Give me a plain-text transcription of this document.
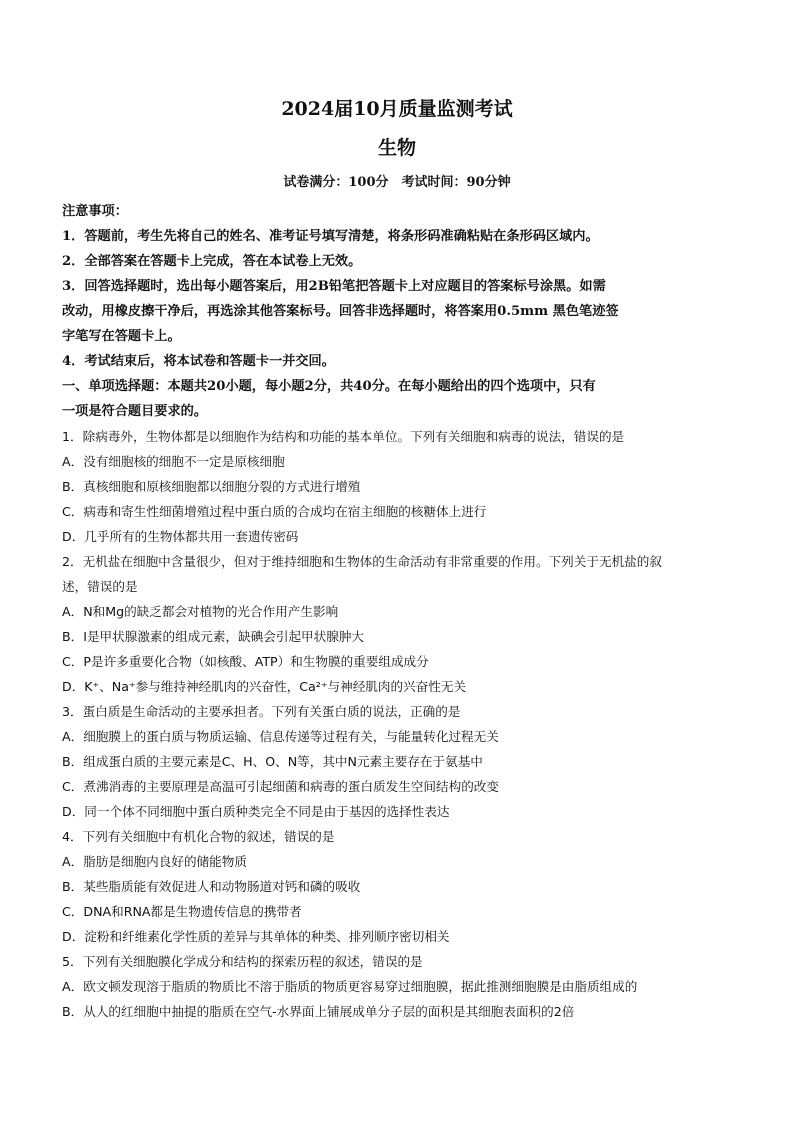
2024届10月质量监测考试
生物
试卷满分：100分　考试时间：90分钟
注意事项：
1．答题前，考生先将自己的姓名、准考证号填写清楚，将条形码准确粘贴在条形码区域内。
2．全部答案在答题卡上完成，答在本试卷上无效。
3．回答选择题时，选出每小题答案后，用2B铅笔把答题卡上对应题目的答案标号涂黑。如需
改动，用橡皮擦干净后，再选涂其他答案标号。回答非选择题时，将答案用0.5mm 黑色笔迹签
字笔写在答题卡上。
4．考试结束后，将本试卷和答题卡一并交回。
一、单项选择题：本题共20小题，每小题2分，共40分。在每小题给出的四个选项中，只有
一项是符合题目要求的。
1．除病毒外，生物体都是以细胞作为结构和功能的基本单位。下列有关细胞和病毒的说法，错误的是
A．没有细胞核的细胞不一定是原核细胞
B．真核细胞和原核细胞都以细胞分裂的方式进行增殖
C．病毒和寄生性细菌增殖过程中蛋白质的合成均在宿主细胞的核糖体上进行
D．几乎所有的生物体都共用一套遗传密码
2．无机盐在细胞中含量很少，但对于维持细胞和生物体的生命活动有非常重要的作用。下列关于无机盐的叙
述，错误的是
A．N和Mg的缺乏都会对植物的光合作用产生影响
B．I是甲状腺激素的组成元素，缺碘会引起甲状腺肿大
C．P是许多重要化合物（如核酸、ATP）和生物膜的重要组成成分
D．K⁺、Na⁺参与维持神经肌肉的兴奋性，Ca²⁺与神经肌肉的兴奋性无关
3．蛋白质是生命活动的主要承担者。下列有关蛋白质的说法，正确的是
A．细胞膜上的蛋白质与物质运输、信息传递等过程有关，与能量转化过程无关
B．组成蛋白质的主要元素是C、H、O、N等，其中N元素主要存在于氨基中
C．煮沸消毒的主要原理是高温可引起细菌和病毒的蛋白质发生空间结构的改变
D．同一个体不同细胞中蛋白质种类完全不同是由于基因的选择性表达
4．下列有关细胞中有机化合物的叙述，错误的是
A．脂肪是细胞内良好的储能物质
B．某些脂质能有效促进人和动物肠道对钙和磷的吸收
C．DNA和RNA都是生物遗传信息的携带者
D．淀粉和纤维素化学性质的差异与其单体的种类、排列顺序密切相关
5．下列有关细胞膜化学成分和结构的探索历程的叙述，错误的是
A．欧文顿发现溶于脂质的物质比不溶于脂质的物质更容易穿过细胞膜，据此推测细胞膜是由脂质组成的
B．从人的红细胞中抽提的脂质在空气-水界面上铺展成单分子层的面积是其细胞表面积的2倍
